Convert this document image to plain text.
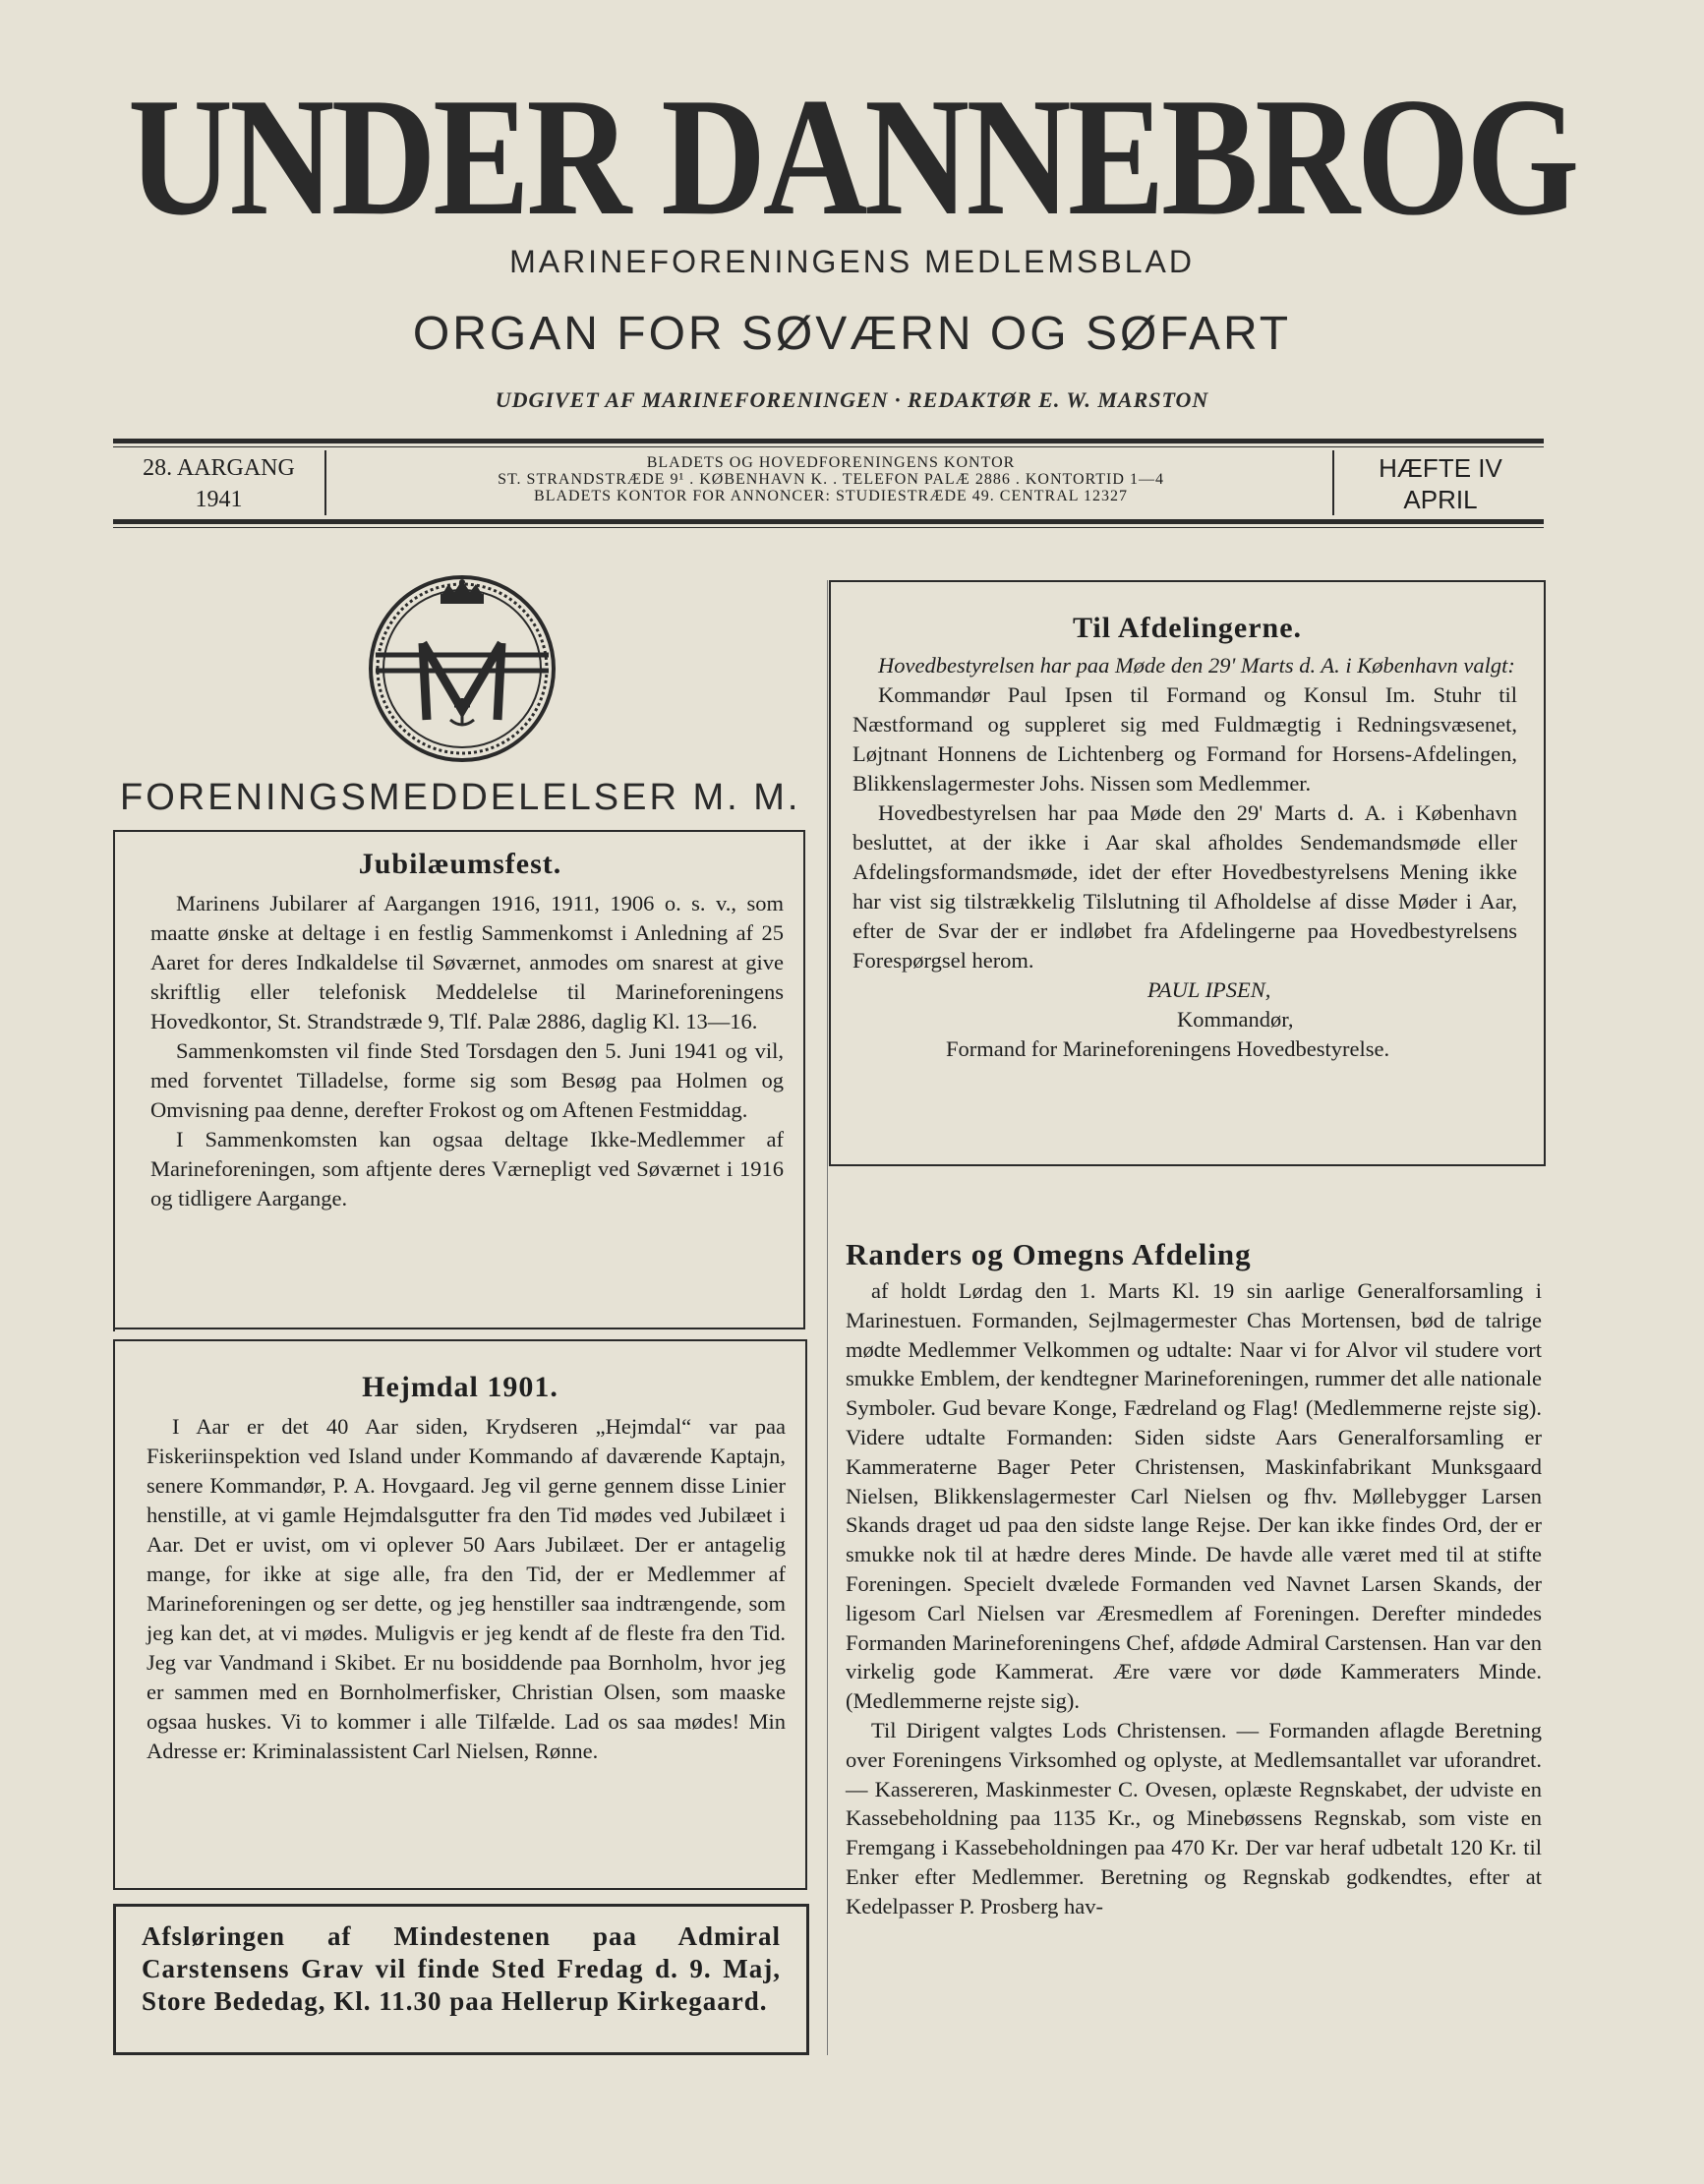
UNDER DANNEBROG
MARINEFORENINGENS MEDLEMSBLAD
ORGAN FOR SØVÆRN OG SØFART
UDGIVET AF MARINEFORENINGEN · REDAKTØR E. W. MARSTON
28. AARGANG
1941
BLADETS OG HOVEDFORENINGENS KONTOR
ST. STRANDSTRÆDE 9¹ . KØBENHAVN K. . TELEFON PALÆ 2886 . KONTORTID 1—4
BLADETS KONTOR FOR ANNONCER: STUDIESTRÆDE 49. CENTRAL 12327
HÆFTE IV
APRIL
FORENINGSMEDDELELSER M. M.
Jubilæumsfest.

Marinens Jubilarer af Aargangen 1916, 1911, 1906 o. s. v., som maatte ønske at deltage i en festlig Sammenkomst i Anledning af 25 Aaret for deres Indkaldelse til Søværnet, anmodes om snarest at give skriftlig eller telefonisk Meddelelse til Marineforeningens Hovedkontor, St. Strandstræde 9, Tlf. Palæ 2886, daglig Kl. 13—16.

Sammenkomsten vil finde Sted Torsdagen den 5. Juni 1941 og vil, med forventet Tilladelse, forme sig som Besøg paa Holmen og Omvisning paa denne, derefter Frokost og om Aftenen Festmiddag.

I Sammenkomsten kan ogsaa deltage Ikke-Medlemmer af Marineforeningen, som aftjente deres Værnepligt ved Søværnet i 1916 og tidligere Aargange.

Hejmdal 1901.

I Aar er det 40 Aar siden, Krydseren „Hejmdal“ var paa Fiskeriinspektion ved Island under Kommando af daværende Kaptajn, senere Kommandør, P. A. Hovgaard. Jeg vil gerne gennem disse Linier henstille, at vi gamle Hejmdalsgutter fra den Tid mødes ved Jubilæet i Aar. Det er uvist, om vi oplever 50 Aars Jubilæet. Der er antagelig mange, for ikke at sige alle, fra den Tid, der er Medlemmer af Marineforeningen og ser dette, og jeg henstiller saa indtrængende, som jeg kan det, at vi mødes. Muligvis er jeg kendt af de fleste fra den Tid. Jeg var Vandmand i Skibet. Er nu bosiddende paa Bornholm, hvor jeg er sammen med en Bornholmerfisker, Christian Olsen, som maaske ogsaa huskes. Vi to kommer i alle Tilfælde. Lad os saa mødes! Min Adresse er: Kriminalassistent Carl Nielsen, Rønne.

Afsløringen af Mindestenen paa Admiral Carstensens Grav vil finde Sted Fredag d. 9. Maj, Store Bededag, Kl. 11.30 paa Hellerup Kirkegaard.
Til Afdelingerne.

Hovedbestyrelsen har paa Møde den 29' Marts d. A. i København valgt:

Kommandør Paul Ipsen til Formand og Konsul Im. Stuhr til Næstformand og suppleret sig med Fuldmægtig i Redningsvæsenet, Løjtnant Honnens de Lichtenberg og Formand for Horsens-Afdelingen, Blikkenslagermester Johs. Nissen som Medlemmer.

Hovedbestyrelsen har paa Møde den 29' Marts d. A. i København besluttet, at der ikke i Aar skal afholdes Sendemandsmøde eller Afdelingsformandsmøde, idet der efter Hovedbestyrelsens Mening ikke har vist sig tilstrækkelig Tilslutning til Afholdelse af disse Møder i Aar, efter de Svar der er indløbet fra Afdelingerne paa Hovedbestyrelsens Forespørgsel herom.

PAUL IPSEN,
Kommandør,
Formand for Marineforeningens Hovedbestyrelse.
Randers og Omegns Afdeling

af holdt Lørdag den 1. Marts Kl. 19 sin aarlige Generalforsamling i Marinestuen. Formanden, Sejlmagermester Chas Mortensen, bød de talrige mødte Medlemmer Velkommen og udtalte: Naar vi for Alvor vil studere vort smukke Emblem, der kendtegner Marineforeningen, rummer det alle nationale Symboler. Gud bevare Konge, Fædreland og Flag! (Medlemmerne rejste sig). Videre udtalte Formanden: Siden sidste Aars Generalforsamling er Kammeraterne Bager Peter Christensen, Maskinfabrikant Munksgaard Nielsen, Blikkenslagermester Carl Nielsen og fhv. Møllebygger Larsen Skands draget ud paa den sidste lange Rejse. Der kan ikke findes Ord, der er smukke nok til at hædre deres Minde. De havde alle været med til at stifte Foreningen. Specielt dvælede Formanden ved Navnet Larsen Skands, der ligesom Carl Nielsen var Æresmedlem af Foreningen. Derefter mindedes Formanden Marineforeningens Chef, afdøde Admiral Carstensen. Han var den virkelig gode Kammerat. Ære være vor døde Kammeraters Minde. (Medlemmerne rejste sig).

Til Dirigent valgtes Lods Christensen. — Formanden aflagde Beretning over Foreningens Virksomhed og oplyste, at Medlemsantallet var uforandret. — Kassereren, Maskinmester C. Ovesen, oplæste Regnskabet, der udviste en Kassebeholdning paa 1135 Kr., og Minebøssens Regnskab, som viste en Fremgang i Kassebeholdningen paa 470 Kr. Der var heraf udbetalt 120 Kr. til Enker efter Medlemmer. Beretning og Regnskab godkendtes, efter at Kedelpasser P. Prosberg hav-
